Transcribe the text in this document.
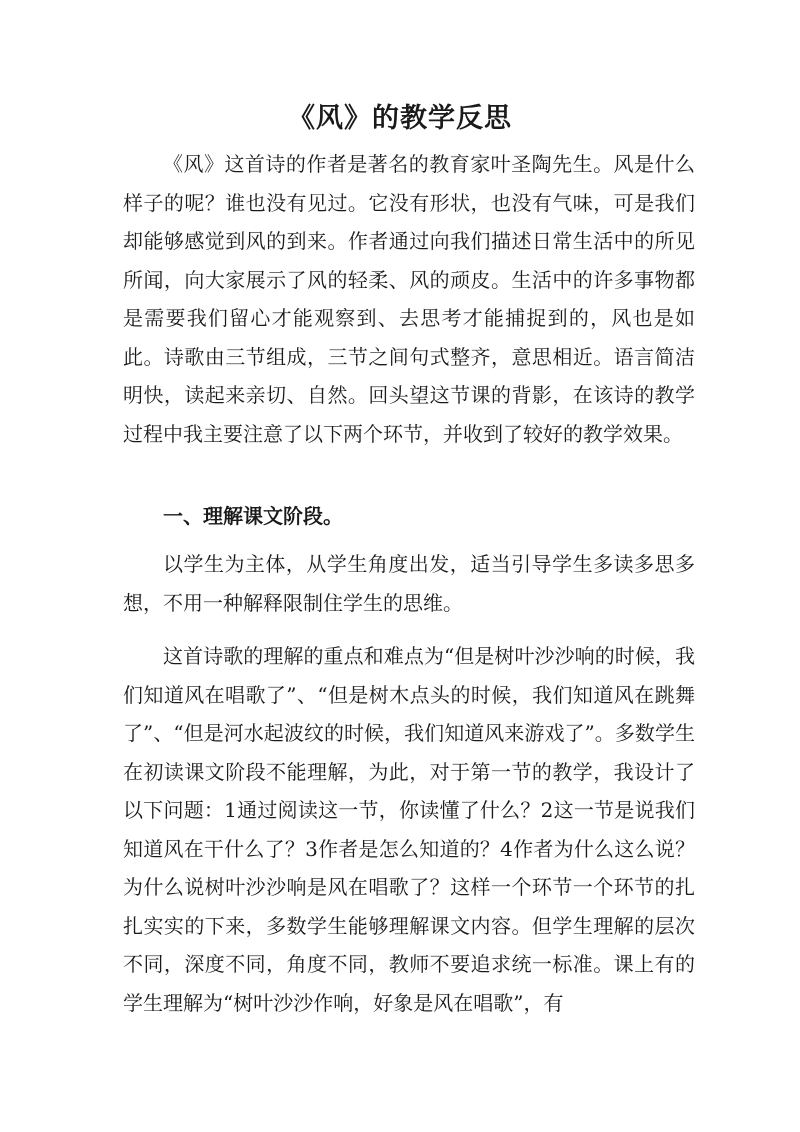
《风》的教学反思

《风》这首诗的作者是著名的教育家叶圣陶先生。风是什么样子的呢？谁也没有见过。它没有形状，也没有气味，可是我们却能够感觉到风的到来。作者通过向我们描述日常生活中的所见所闻，向大家展示了风的轻柔、风的顽皮。生活中的许多事物都是需要我们留心才能观察到、去思考才能捕捉到的，风也是如此。诗歌由三节组成，三节之间句式整齐，意思相近。语言简洁明快，读起来亲切、自然。回头望这节课的背影，在该诗的教学过程中我主要注意了以下两个环节，并收到了较好的教学效果。

一、理解课文阶段。

以学生为主体，从学生角度出发，适当引导学生多读多思多想，不用一种解释限制住学生的思维。

这首诗歌的理解的重点和难点为“但是树叶沙沙响的时候，我们知道风在唱歌了”、“但是树木点头的时候，我们知道风在跳舞了”、“但是河水起波纹的时候，我们知道风来游戏了”。多数学生在初读课文阶段不能理解，为此，对于第一节的教学，我设计了以下问题：1通过阅读这一节，你读懂了什么？2这一节是说我们知道风在干什么了？3作者是怎么知道的？4作者为什么这么说？为什么说树叶沙沙响是风在唱歌了？这样一个环节一个环节的扎扎实实的下来，多数学生能够理解课文内容。但学生理解的层次不同，深度不同，角度不同，教师不要追求统一标准。课上有的学生理解为“树叶沙沙作响，好象是风在唱歌”，有
